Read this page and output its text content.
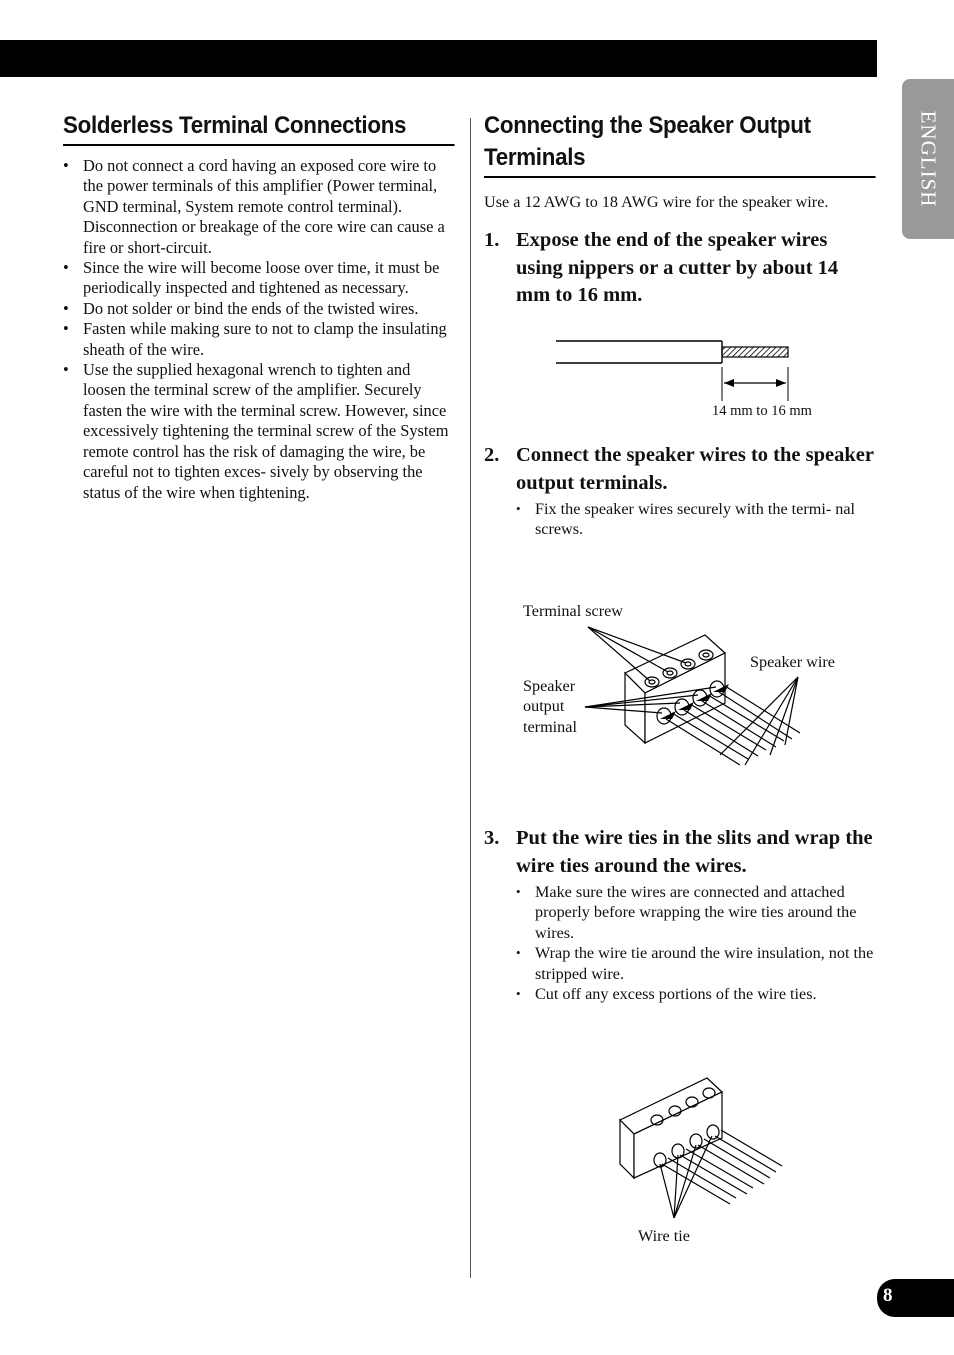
ENGLISH
Solderless Terminal Connections
• Do not connect a cord having an exposed core wire to the power terminals of this amplifier (Power terminal, GND terminal, System remote control terminal). Disconnection or breakage of the core wire can cause a fire or short-circuit.
• Since the wire will become loose over time, it must be periodically inspected and tightened as necessary.
• Do not solder or bind the ends of the twisted wires.
• Fasten while making sure to not to clamp the insulating sheath of the wire.
• Use the supplied hexagonal wrench to tighten and loosen the terminal screw of the amplifier. Securely fasten the wire with the terminal screw. However, since excessively tightening the terminal screw of the System remote control has the risk of damaging the wire, be careful not to tighten exces- sively by observing the status of the wire when tightening.
Connecting the Speaker Output Terminals
Use a 12 AWG to 18 AWG wire for the speaker wire.
1. Expose the end of the speaker wires using nippers or a cutter by about 14 mm to 16 mm.
14 mm to 16 mm
2. Connect the speaker wires to the speaker output terminals.
• Fix the speaker wires securely with the termi- nal screws.
Terminal screw
Speaker wire
Speaker
output
terminal
3. Put the wire ties in the slits and wrap the wire ties around the wires.
• Make sure the wires are connected and attached properly before wrapping the wire ties around the wires.
• Wrap the wire tie around the wire insulation, not the stripped wire.
• Cut off any excess portions of the wire ties.
Wire tie
8
